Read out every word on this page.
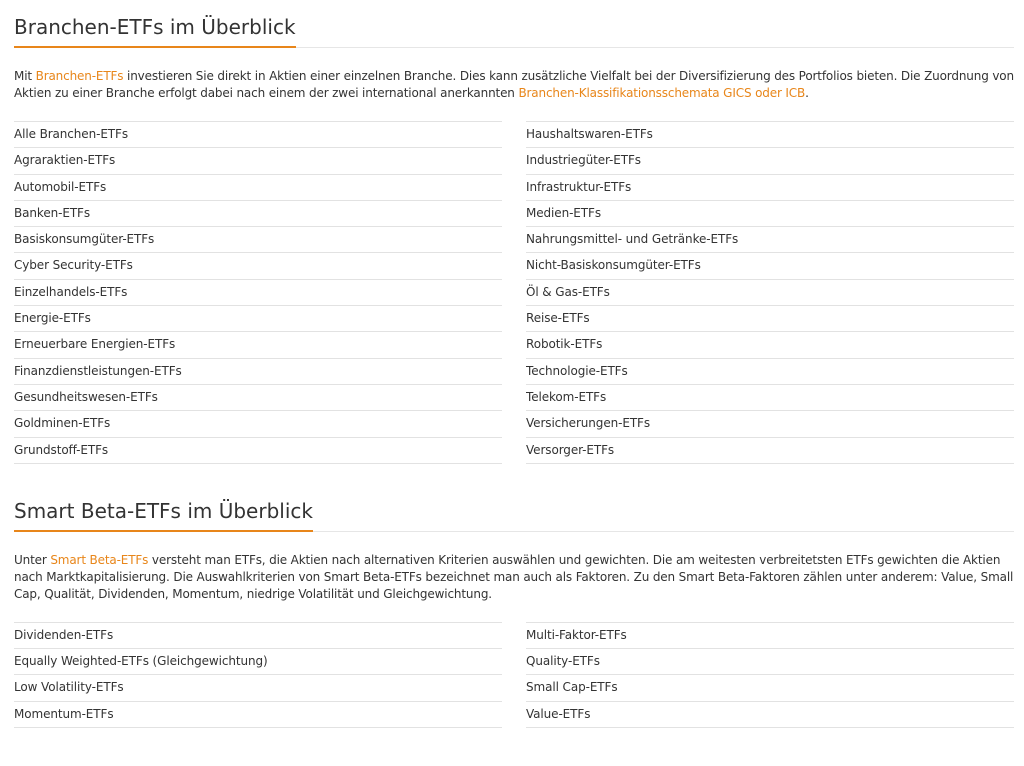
Branchen-ETFs im Überblick

Mit Branchen-ETFs investieren Sie direkt in Aktien einer einzelnen Branche. Dies kann zusätzliche Vielfalt bei der Diversifizierung des Portfolios bieten. Die Zuordnung von Aktien zu einer Branche erfolgt dabei nach einem der zwei international anerkannten Branchen-Klassifikationsschemata GICS oder ICB.

Alle Branchen-ETFs
Agraraktien-ETFs
Automobil-ETFs
Banken-ETFs
Basiskonsumgüter-ETFs
Cyber Security-ETFs
Einzelhandels-ETFs
Energie-ETFs
Erneuerbare Energien-ETFs
Finanzdienstleistungen-ETFs
Gesundheitswesen-ETFs
Goldminen-ETFs
Grundstoff-ETFs
Haushaltswaren-ETFs
Industriegüter-ETFs
Infrastruktur-ETFs
Medien-ETFs
Nahrungsmittel- und Getränke-ETFs
Nicht-Basiskonsumgüter-ETFs
Öl & Gas-ETFs
Reise-ETFs
Robotik-ETFs
Technologie-ETFs
Telekom-ETFs
Versicherungen-ETFs
Versorger-ETFs
Smart Beta-ETFs im Überblick

Unter Smart Beta-ETFs versteht man ETFs, die Aktien nach alternativen Kriterien auswählen und gewichten. Die am weitesten verbreitetsten ETFs gewichten die Aktien nach Marktkapitalisierung. Die Auswahlkriterien von Smart Beta-ETFs bezeichnet man auch als Faktoren. Zu den Smart Beta-Faktoren zählen unter anderem: Value, Small Cap, Qualität, Dividenden, Momentum, niedrige Volatilität und Gleichgewichtung.

Dividenden-ETFs
Equally Weighted-ETFs (Gleichgewichtung)
Low Volatility-ETFs
Momentum-ETFs
Multi-Faktor-ETFs
Quality-ETFs
Small Cap-ETFs
Value-ETFs
